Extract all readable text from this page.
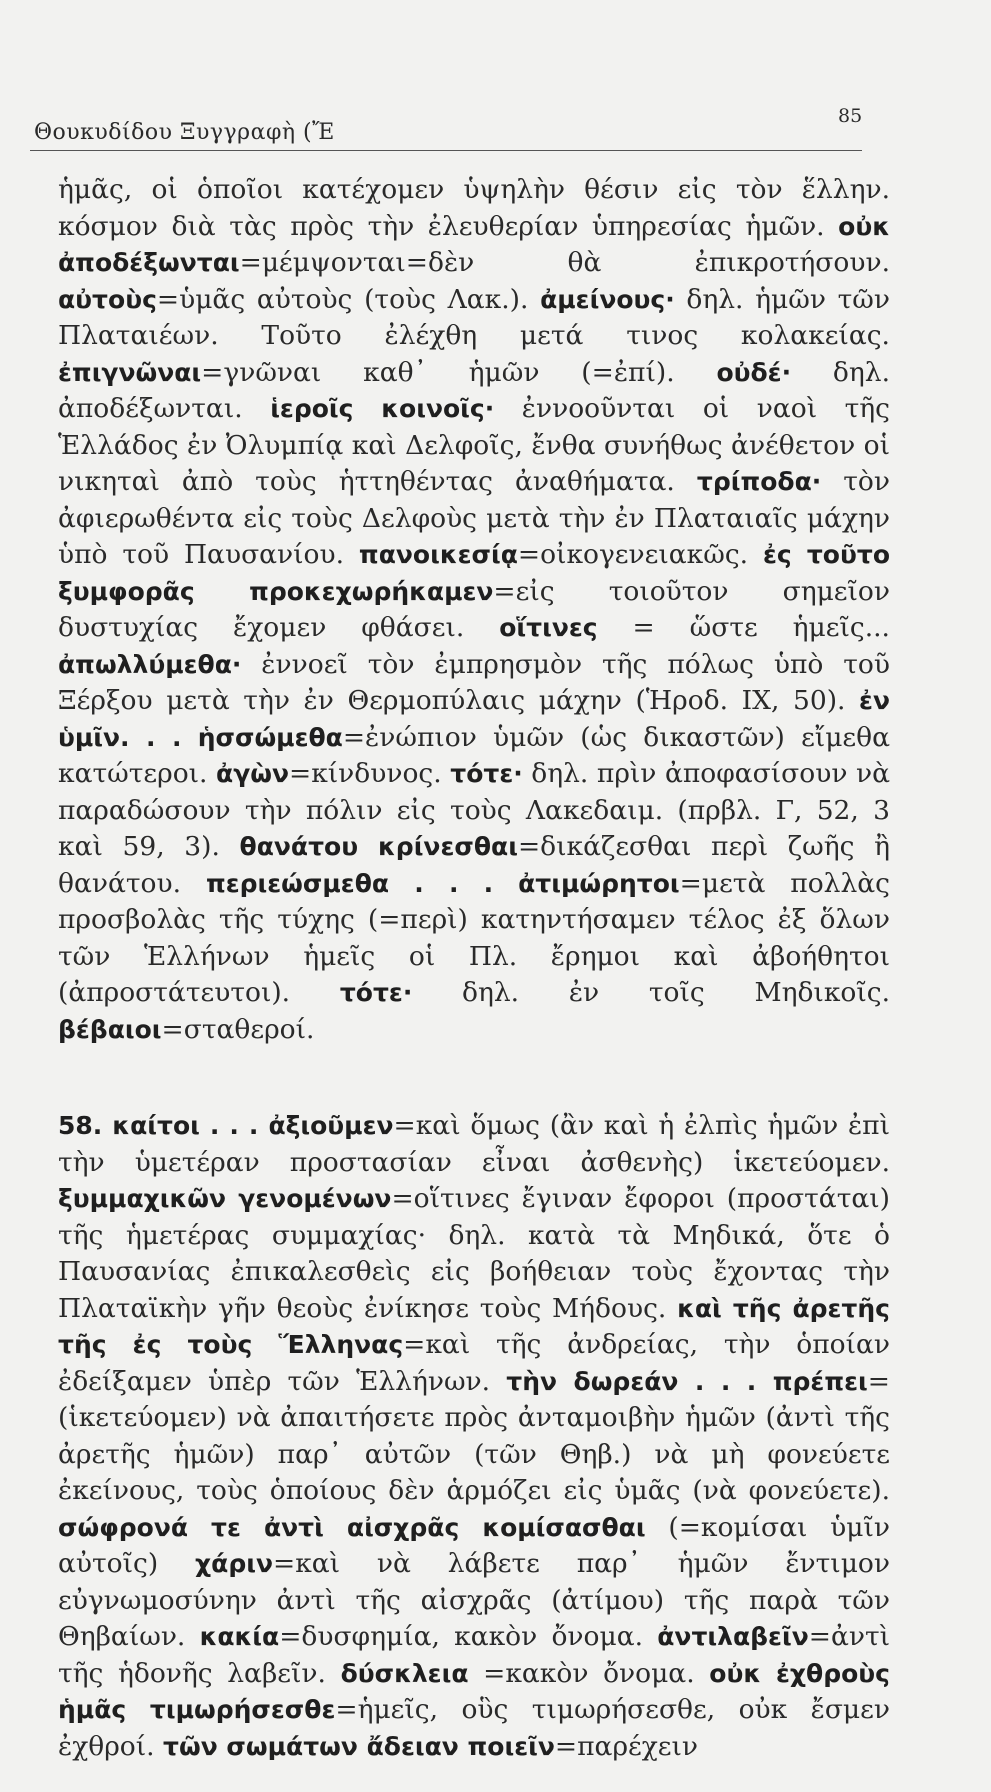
Θουκυδίδου Ξυγγραφὴ (Ἔ
85

ἡμᾶς, οἱ ὁποῖοι κατέχομεν ὑψηλὴν θέσιν εἰς τὸν ἕλλην. κόσμον διὰ τὰς πρὸς τὴν ἐλευθερίαν ὑπηρεσίας ἡμῶν. οὐκ ἀποδέξωνται=μέμψονται=δὲν θὰ ἐπικροτήσουν. αὐτοὺς=ὑμᾶς αὐτοὺς (τοὺς Λακ.). ἀμείνους· δηλ. ἡμῶν τῶν Πλαταιέων. Τοῦτο ἐλέχθη μετά τινος κολακείας. ἐπιγνῶναι=γνῶναι καθ᾽ ἡμῶν (=ἐπί). οὐδέ· δηλ. ἀποδέξωνται. ἱεροῖς κοινοῖς· ἐννοοῦνται οἱ ναοὶ τῆς Ἑλλάδος ἐν Ὀλυμπίᾳ καὶ Δελφοῖς, ἔνθα συνήθως ἀνέθετον οἱ νικηταὶ ἀπὸ τοὺς ἡττηθέντας ἀναθήματα. τρίποδα· τὸν ἀφιερωθέντα εἰς τοὺς Δελφοὺς μετὰ τὴν ἐν Πλαταιαῖς μάχην ὑπὸ τοῦ Παυσανίου. πανοικεσίᾳ=οἰκογενειακῶς. ἐς τοῦτο ξυμφορᾶς προκεχωρήκαμεν=εἰς τοιοῦτον σημεῖον δυστυχίας ἔχομεν φθάσει. οἵτινες = ὥστε ἡμεῖς... ἀπωλλύμεθα· ἐννοεῖ τὸν ἐμπρησμὸν τῆς πόλως ὑπὸ τοῦ Ξέρξου μετὰ τὴν ἐν Θερμοπύλαις μάχην (Ἡροδ. ΙΧ, 50). ἐν ὑμῖν. . . ἡσσώμεθα=ἐνώπιον ὑμῶν (ὡς δικαστῶν) εἴμεθα κατώτεροι. ἀγὼν=κίνδυνος. τότε· δηλ. πρὶν ἀποφασίσουν νὰ παραδώσουν τὴν πόλιν εἰς τοὺς Λακεδαιμ. (πρβλ. Γ, 52, 3 καὶ 59, 3). θανάτου κρίνεσθαι=δικάζεσθαι περὶ ζωῆς ἢ θανάτου. περιεώσμεθα . . . ἀτιμώρητοι=μετὰ πολλὰς προσβολὰς τῆς τύχης (=περὶ) κατηντήσαμεν τέλος ἐξ ὅλων τῶν Ἑλλήνων ἡμεῖς οἱ Πλ. ἔρημοι καὶ ἀβοήθητοι (ἀπροστάτευτοι). τότε· δηλ. ἐν τοῖς Μηδικοῖς. βέβαιοι=σταθεροί.

58. καίτοι . . . ἀξιοῦμεν=καὶ ὅμως (ἂν καὶ ἡ ἐλπὶς ἡμῶν ἐπὶ τὴν ὑμετέραν προστασίαν εἶναι ἀσθενὴς) ἱκετεύομεν. ξυμμαχικῶν γενομένων=οἵτινες ἔγιναν ἔφοροι (προστάται) τῆς ἡμετέρας συμμαχίας· δηλ. κατὰ τὰ Μηδικά, ὅτε ὁ Παυσανίας ἐπικαλεσθεὶς εἰς βοήθειαν τοὺς ἔχοντας τὴν Πλαταϊκὴν γῆν θεοὺς ἐνίκησε τοὺς Μήδους. καὶ τῆς ἀρετῆς τῆς ἐς τοὺς Ἕλληνας=καὶ τῆς ἀνδρείας, τὴν ὁποίαν ἐδείξαμεν ὑπὲρ τῶν Ἑλλήνων. τὴν δωρεάν . . . πρέπει=(ἱκετεύομεν) νὰ ἀπαιτήσετε πρὸς ἀνταμοιβὴν ἡμῶν (ἀντὶ τῆς ἀρετῆς ἡμῶν) παρ᾽ αὐτῶν (τῶν Θηβ.) νὰ μὴ φονεύετε ἐκείνους, τοὺς ὁποίους δὲν ἁρμόζει εἰς ὑμᾶς (νὰ φονεύετε). σώφρονά τε ἀντὶ αἰσχρᾶς κομίσασθαι (=κομίσαι ὑμῖν αὐτοῖς) χάριν=καὶ νὰ λάβετε παρ᾽ ἡμῶν ἔντιμον εὐγνωμοσύνην ἀντὶ τῆς αἰσχρᾶς (ἀτίμου) τῆς παρὰ τῶν Θηβαίων. κακία=δυσφημία, κακὸν ὄνομα. ἀντιλαβεῖν=ἀντὶ τῆς ἡδονῆς λαβεῖν. δύσκλεια =κακὸν ὄνομα. οὐκ ἐχθροὺς ἡμᾶς τιμωρήσεσθε=ἡμεῖς, οὓς τιμωρήσεσθε, οὐκ ἔσμεν ἐχθροί. τῶν σωμάτων ἄδειαν ποιεῖν=παρέχειν
